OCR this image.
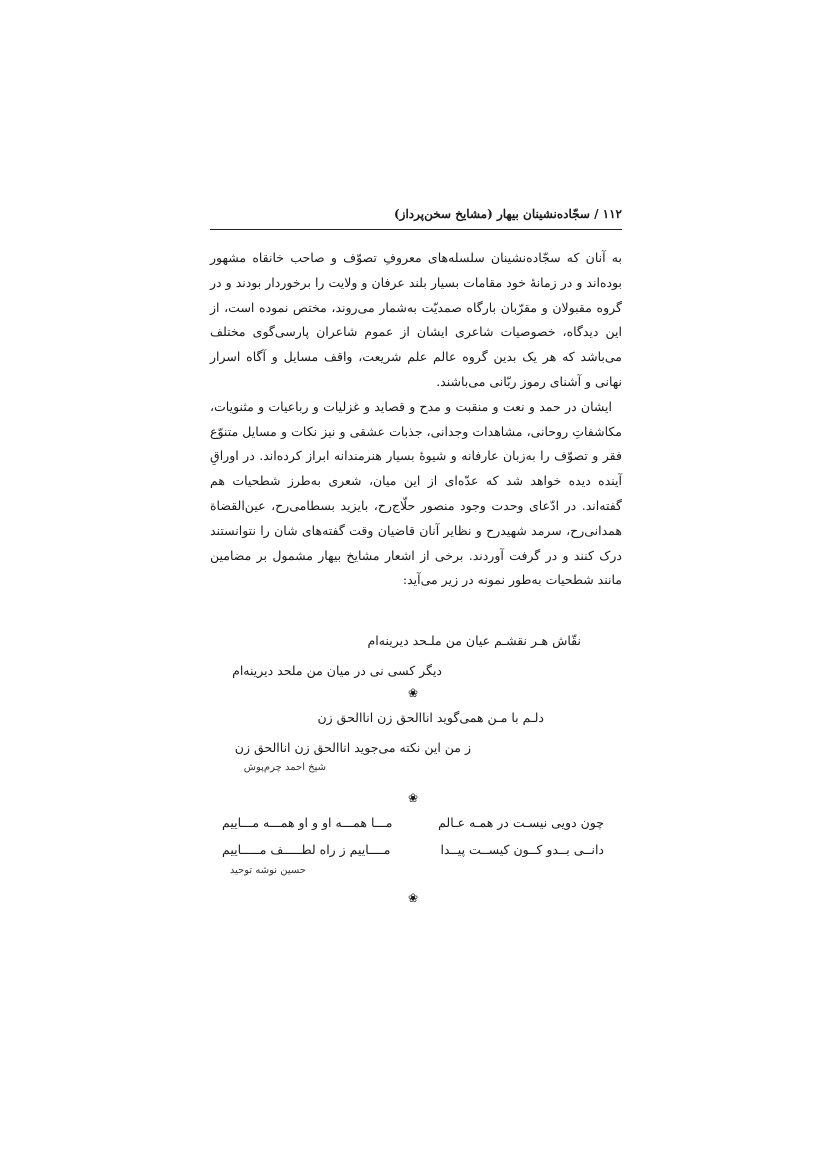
۱۱۲ / سجّاده‌نشینان بیهار (مشایخ سخن‌پرداز)

به آنان که سجّاده‌نشینان سلسله‌های معروفِ تصوّف و صاحب خانقاه مشهور بوده‌اند و در زمانهٔ خود مقامات بسیار بلند عرفان و ولایت را برخوردار بودند و در گروه مقبولان و مقرّبان بارگاه صمدیّت به‌شمار می‌روند، مختص نموده است، از این دیدگاه، خصوصیات شاعری ایشان از عموم شاعران پارسی‌گوی مختلف می‌باشد که هر یک بدین گروه عالم علم شریعت، واقف مسایل و آگاه اسرار نهانی و آشنای رموز ربّانی می‌باشند.

ایشان در حمد و نعت و منقبت و مدح و قصاید و غزلیات و رباعیات و مثنویات، مکاشفاتِ روحانی، مشاهدات وجدانی، جذبات عشقی و نیز نکات و مسایل متنوّع فقر و تصوّف را به‌زبان عارفانه و شیوهٔ بسیار هنرمندانه ابراز کرده‌اند. در اوراقِ آینده دیده خواهد شد که عدّه‌ای از این میان، شعری به‌طرز شطحیات هم گفته‌اند. در ادّعای وحدت وجود منصور حلّاج‌رح، بایزید بسطامی‌رح، عین‌القضاة همدانی‌رح، سرمد شهیدرح و نظایر آنان قاضیان وقت گفته‌های شان را نتوانستند درک کنند و در گرفت آوردند. برخی از اشعار مشایخ بیهار مشمول بر مضامین مانند شطحیات به‌طور نمونه در زیر می‌آید:

نقّاش هـر نقشـم عیان من ملـحد دیرینه‌ام
دیگر کسی نی در میان من ملحد دیرینه‌ام
❀
دلـم با مـن همی‌گوید اناالحق زن اناالحق زن
ز من این نکته می‌جوید اناالحق زن اناالحق زن
شیخ احمد چرم‌پوش
❀
چون دویی نیسـت در همـه عـالم
مـــا همـــه او و او همـــه مـــاییم
دانــی بــدو کــون کیســت پیــدا
مــــاییم ز راه لطـــــف مـــــاییم
حسین نوشه توحید
❀
